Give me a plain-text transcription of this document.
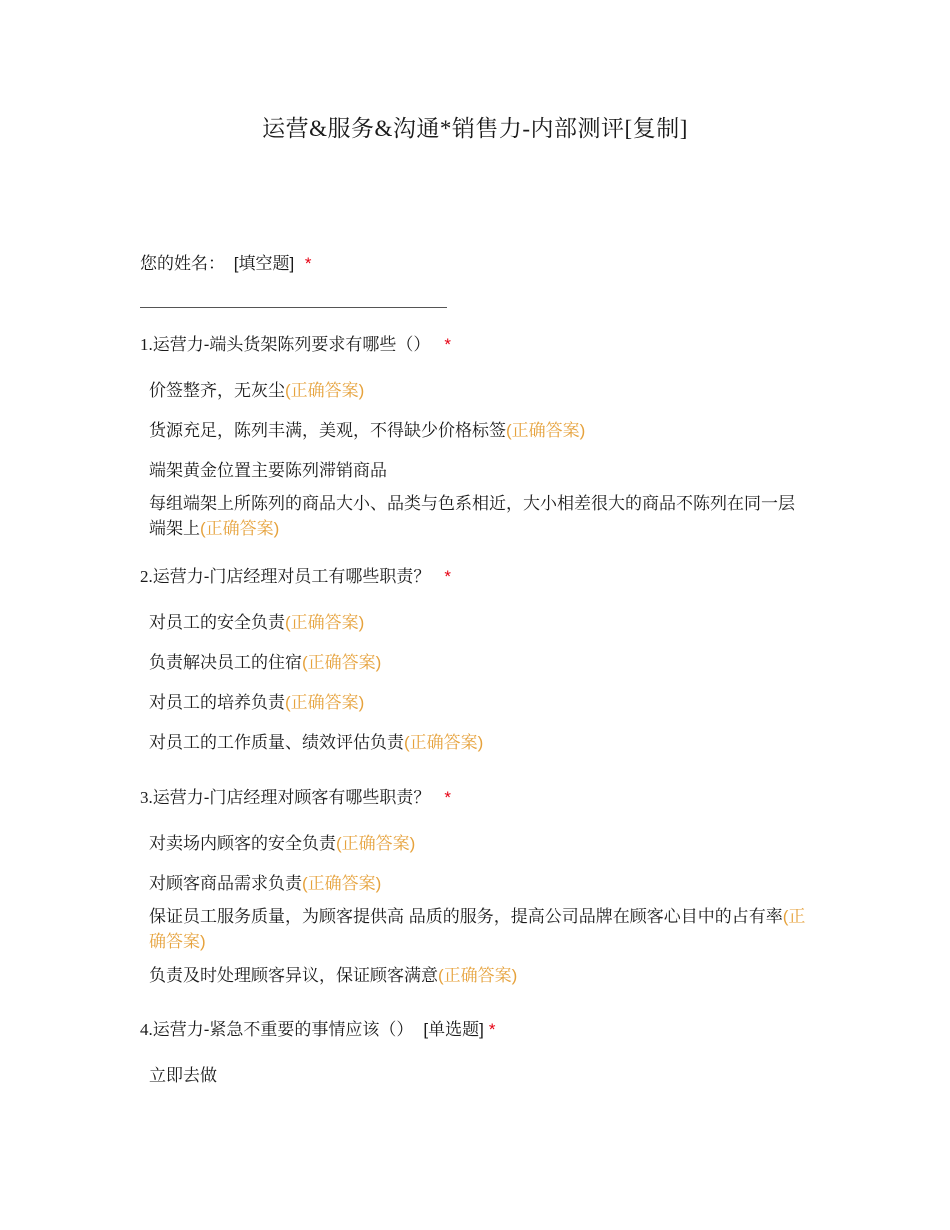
运营&服务&沟通*销售力-内部测评[复制]
您的姓名： [填空题] *
1.运营力-端头货架陈列要求有哪些（） *
价签整齐，无灰尘(正确答案)
货源充足，陈列丰满，美观，不得缺少价格标签(正确答案)
端架黄金位置主要陈列滞销商品
每组端架上所陈列的商品大小、品类与色系相近，大小相差很大的商品不陈列在同一层端架上(正确答案)
2.运营力-门店经理对员工有哪些职责？ *
对员工的安全负责(正确答案)
负责解决员工的住宿(正确答案)
对员工的培养负责(正确答案)
对员工的工作质量、绩效评估负责(正确答案)
3.运营力-门店经理对顾客有哪些职责？ *
对卖场内顾客的安全负责(正确答案)
对顾客商品需求负责(正确答案)
保证员工服务质量，为顾客提供高 品质的服务，提高公司品牌在顾客心目中的占有率(正确答案)
负责及时处理顾客异议，保证顾客满意(正确答案)
4.运营力-紧急不重要的事情应该（） [单选题] *
立即去做
